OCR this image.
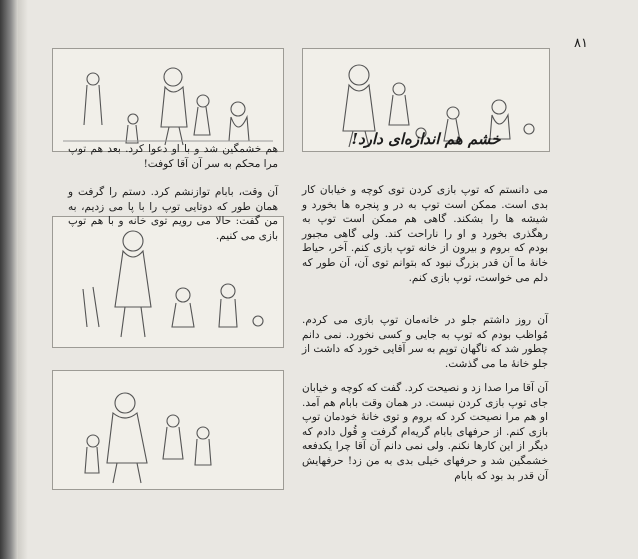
۸۱

هم خشمگین شد و با او دعوا کرد. بعد هم توپ مرا محکم به سر آن آقا کوفت!

آن وقت، بابام توازنشم کرد. دستم را گرفت و همان طور که دوتایی توپ را با پا می زدیم، به من گفت: حالا می رویم توی خانه و با هم توپ بازی می کنیم.

خشم هم اندازه‌ای دارد!

می دانستم که توپ بازی کردن توی کوچه و خیابان کار بدی است. ممکن است توپ به در و پنجره ها بخورد و شیشه ها را بشکند. گاهی هم ممکن است توپ به رهگذری بخورد و او را ناراحت کند. ولی گاهی مجبور بودم که بروم و بیرون از خانه توپ بازی کنم. آخر، حیاط خانهٔ ما آن قدر بزرگ نبود که بتوانم توی آن، آن طور که دلم می خواست، توپ بازی کنم.

آن روز داشتم جلو در خانه‌مان توپ بازی می کردم. مُواظب بودم که توپ به جایی و کسی نخورد. نمی دانم چطور شد که ناگهان توپم به سر آقایی خورد که داشت از جلو خانهٔ ما می گذشت.

آن آقا مرا صدا زد و نصیحت کرد. گفت که کوچه و خیابان جای توپ بازی کردن نیست. در همان وقت بابام هم آمد. او هم مرا نصیحت کرد که بروم و توی خانهٔ خودمان توپ بازی کنم. از حرفهای بابام گریه‌ام گرفت و قُول دادم که دیگر از این کارها نکنم. ولی نمی دانم آن آقا چرا یکدفعه خشمگین شد و حرفهای خیلی بدی به من زد! حرفهایش آن قدر بد بود که بابام
